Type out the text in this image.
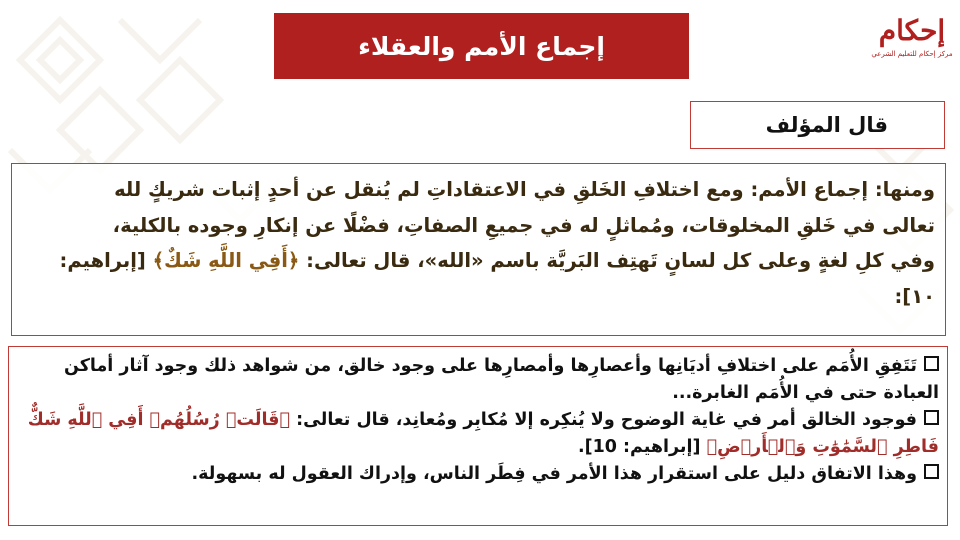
إجماع الأمم والعقلاء	إحكام
مركز إحكام للتعليم الشرعي
قال المؤلف
ومنها: إجماع الأمم: ومع اختلافِ الخَلقِ في الاعتقاداتِ لم يُنقل عن أحدٍ إثبات شريكٍ لله
تعالى في خَلقِ المخلوقات، ومُماثلٍ له في جميعِ الصفاتِ، فضْلًا عن إنكارِ وجوده بالكلية،
وفي كلِ لغةٍ وعلى كل لسانٍ تَهتِف البَريَّة باسم «الله»، قال تعالى: ﴿أَفِي اللَّهِ شَكٌ﴾ [إبراهيم:
١٠]:
تَتَفِقِ الأُمَم على اختلافِ أديَانِها وأعصارِها وأمصارِها على وجود خالق، من شواهد ذلك وجود آثار أماكن العبادة حتى في الأُمَم الغابرة...
فوجود الخالق أمر في غاية الوضوح ولا يُنكِره إلا مُكابِر ومُعانِد، قال تعالى: ﴿قَالَتۡ رُسُلُهُمۡ أَفِي ٱللَّهِ شَكٌّ فَاطِرِ ٱلسَّمَٰوَٰتِ وَٱلۡأَرۡضِ﴾ [إبراهيم: 10].
وهذا الاتفاق دليل على استقرار هذا الأمر في فِطَر الناس، وإدراك العقول له بسهولة.
